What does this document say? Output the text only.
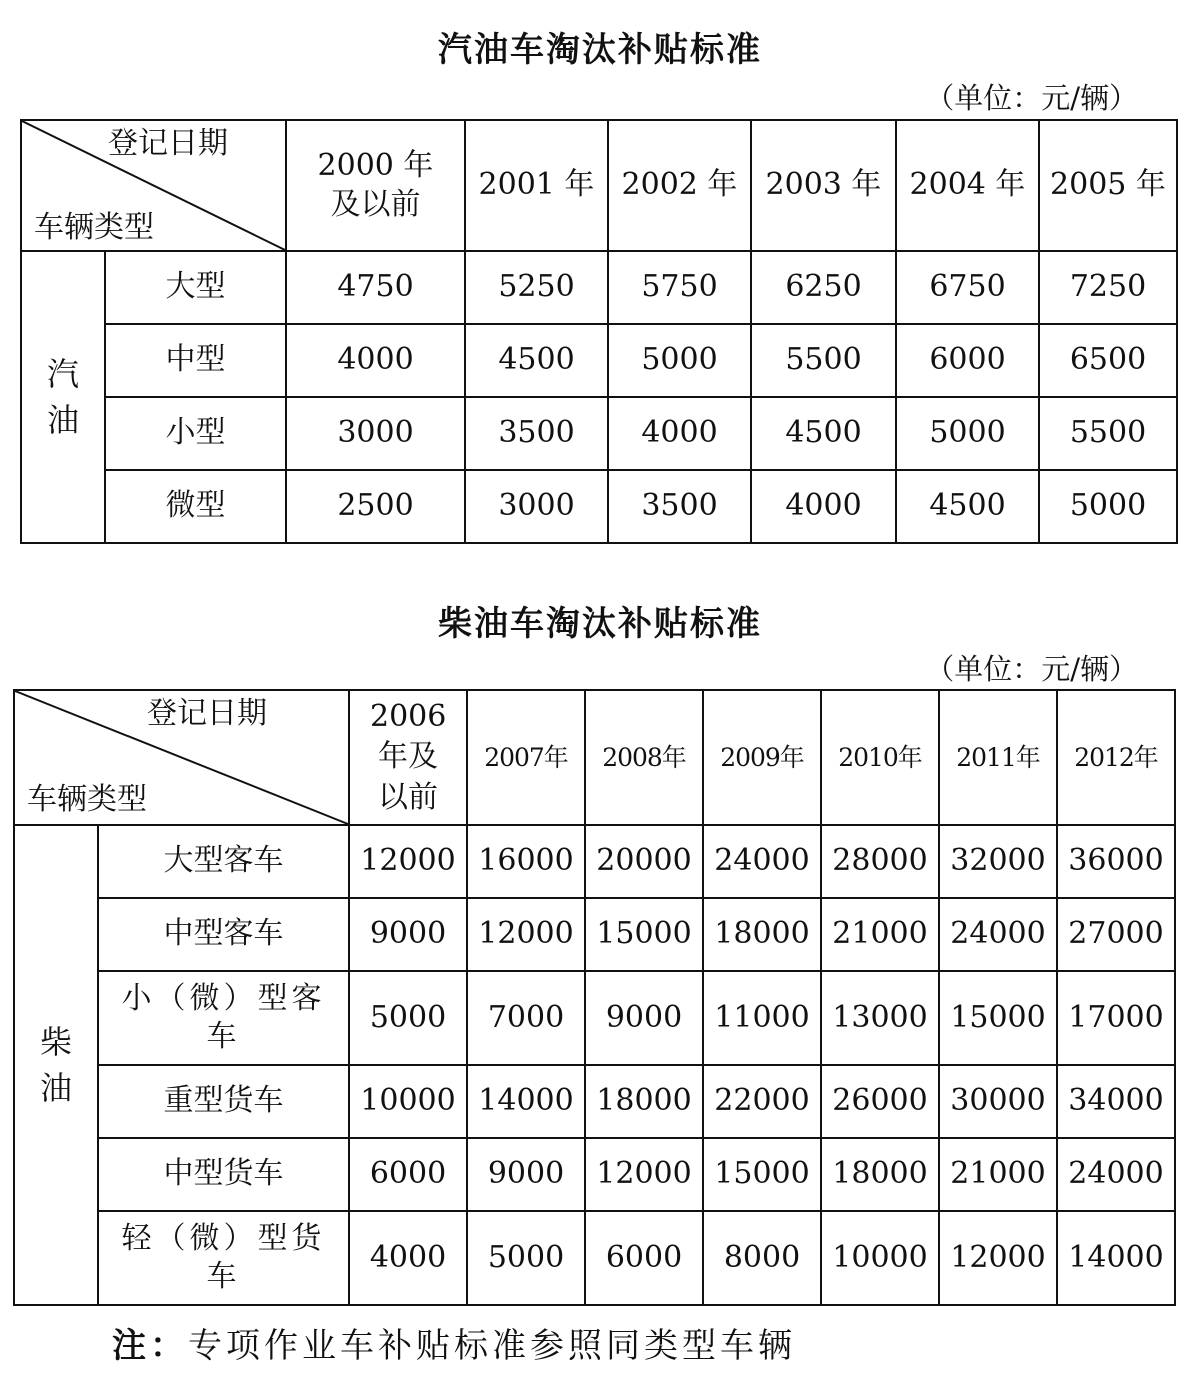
汽油车淘汰补贴标准
（单位：元/辆）
登记日期
车辆类型		2000 年及以前	2001 年	2002 年	2003 年	2004 年	2005 年
汽油	大型	4750	5250	5750	6250	6750	7250
	中型	4000	4500	5000	5500	6000	6500
	小型	3000	3500	4000	4500	5000	5500
	微型	2500	3000	3500	4000	4500	5000
柴油车淘汰补贴标准
（单位：元/辆）
登记日期
车辆类型		2006年及以前	2007年	2008年	2009年	2010年	2011年	2012年
柴油	大型客车	12000	16000	20000	24000	28000	32000	36000
	中型客车	9000	12000	15000	18000	21000	24000	27000
	小（微）型客车	5000	7000	9000	11000	13000	15000	17000
	重型货车	10000	14000	18000	22000	26000	30000	34000
	中型货车	6000	9000	12000	15000	18000	21000	24000
	轻（微）型货车	4000	5000	6000	8000	10000	12000	14000
注：专项作业车补贴标准参照同类型车辆
